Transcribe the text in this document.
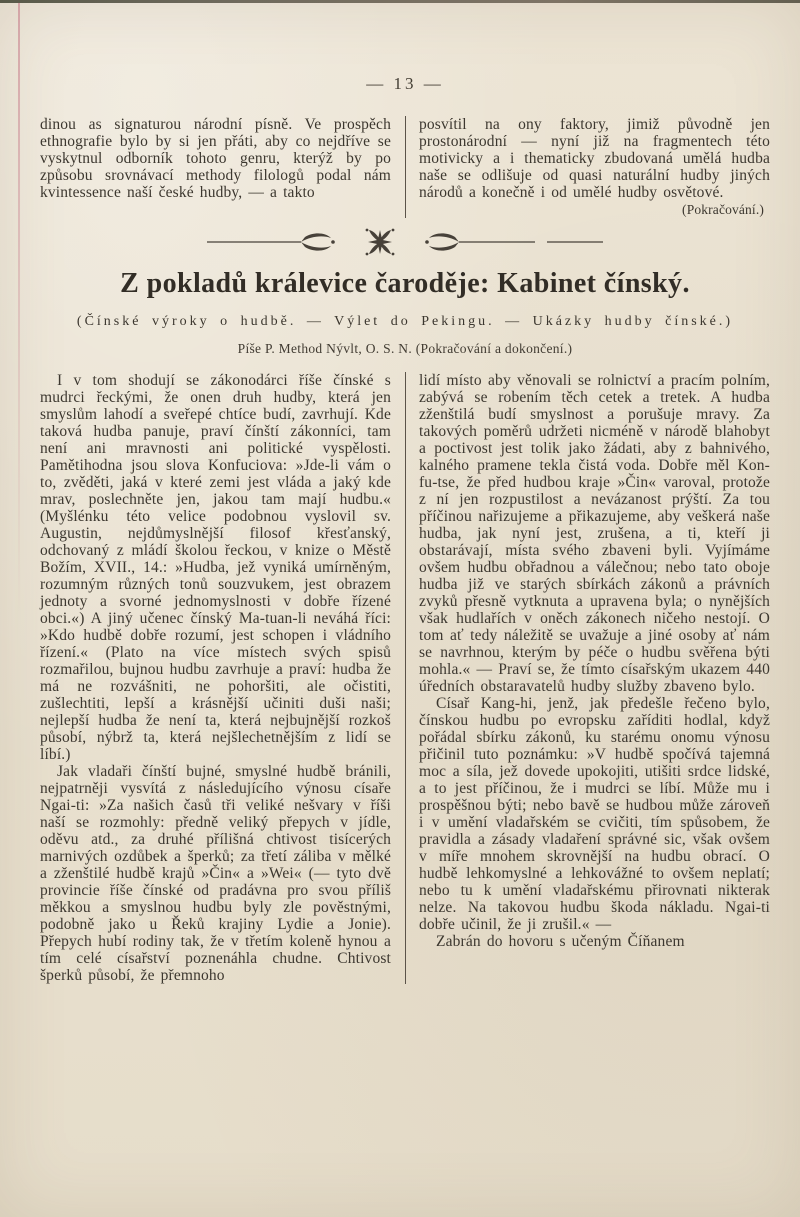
— 13 —

dinou as signaturou národní písně. Ve prospěch ethnografie bylo by si jen přáti, aby co nejdříve se vyskytnul odborník tohoto genru, kterýž by po způsobu srovnávací methody filologů podal nám kvintessence naší české hudby, — a takto

posvítil na ony faktory, jimiž původně jen prostonárodní — nyní již na fragmentech této motivicky a i thematicky zbudovaná umělá hudba naše se odlišuje od quasi naturální hudby jiných národů a konečně i od umělé hudby osvětové.

(Pokračování.)

Z pokladů králevice čaroděje: Kabinet čínský.
(Čínské výroky o hudbě. — Výlet do Pekingu. — Ukázky hudby čínské.)
Píše P. Method Nývlt, O. S. N. (Pokračování a dokončení.)

I v tom shodují se zákonodárci říše čínské s mudrci řeckými, že onen druh hudby, která jen smyslům lahodí a sveřepé chtíce budí, zavrhují. Kde taková hudba panuje, praví čínští zákonníci, tam není ani mravnosti ani politické vyspělosti. Pamětihodna jsou slova Konfuciova: »Jde-li vám o to, zvěděti, jaká v které zemi jest vláda a jaký kde mrav, poslechněte jen, jakou tam mají hudbu.« (Myšlénku této velice podobnou vyslovil sv. Augustin, nejdůmyslnější filosof křesťanský, odchovaný z mládí školou řeckou, v knize o Městě Božím, XVII., 14.: »Hudba, jež vyniká umírněným, rozumným různých tonů souzvukem, jest obrazem jednoty a svorné jednomyslnosti v dobře řízené obci.«) A jiný učenec čínský Ma-tuan-li neváhá říci: »Kdo hudbě dobře rozumí, jest schopen i vládního řízení.« (Plato na více místech svých spisů rozmařilou, bujnou hudbu zavrhuje a praví: hudba že má ne rozvášniti, ne pohoršiti, ale očistiti, zušlechtiti, lepší a krásnější učiniti duši naši; nejlepší hudba že není ta, která nejbujnější rozkoš působí, nýbrž ta, která nejšlechetnějším z lidí se líbí.)

Jak vladaři čínští bujné, smyslné hudbě bránili, nejpatrněji vysvítá z následujícího výnosu císaře Ngai-ti: »Za našich časů tři veliké nešvary v říši naší se rozmohly: předně veliký přepych v jídle, oděvu atd., za druhé přílišná chtivost tisícerých marnivých ozdůbek a šperků; za třetí záliba v mělké a zženštilé hudbě krajů »Čin« a »Wei« (— tyto dvě provincie říše čínské od pradávna pro svou příliš měkkou a smyslnou hudbu byly zle pověstnými, podobně jako u Řeků krajiny Lydie a Jonie). Přepych hubí rodiny tak, že v třetím koleně hynou a tím celé císařství poznenáhla chudne. Chtivost šperků působí, že přemnoho

lidí místo aby věnovali se rolnictví a pracím polním, zabývá se robením těch cetek a tretek. A hudba zženštilá budí smyslnost a porušuje mravy. Za takových poměrů udržeti nicméně v národě blahobyt a poctivost jest tolik jako žádati, aby z bahnivého, kalného pramene tekla čistá voda. Dobře měl Kon-fu-tse, že před hudbou kraje »Čin« varoval, protože z ní jen rozpustilost a nevázanost prýští. Za tou příčinou nařizujeme a přikazujeme, aby veškerá naše hudba, jak nyní jest, zrušena, a ti, kteří ji obstarávají, místa svého zbaveni byli. Vyjímáme ovšem hudbu obřadnou a válečnou; nebo tato oboje hudba již ve starých sbírkách zákonů a právních zvyků přesně vytknuta a upravena byla; o nynějších však hudlařích v oněch zákonech ničeho nestojí. O tom ať tedy náležitě se uvažuje a jiné osoby ať nám se navrhnou, kterým by péče o hudbu svěřena býti mohla.« — Praví se, že tímto císařským ukazem 440 úředních obstaravatelů hudby služby zbaveno bylo.

Císař Kang-hi, jenž, jak předešle řečeno bylo, čínskou hudbu po evropsku zaříditi hodlal, když pořádal sbírku zákonů, ku starému onomu výnosu přičinil tuto poznámku: »V hudbě spočívá tajemná moc a síla, jež dovede upokojiti, utišiti srdce lidské, a to jest příčinou, že i mudrci se líbí. Může mu i prospěšnou býti; nebo bavě se hudbou může zároveň i v umění vladařském se cvičiti, tím spůsobem, že pravidla a zásady vladaření správné sic, však ovšem v míře mnohem skrovnější na hudbu obrací. O hudbě lehkomyslné a lehkovážné to ovšem neplatí; nebo tu k umění vladařskému přirovnati nikterak nelze. Na takovou hudbu škoda nákladu. Ngai-ti dobře učinil, že ji zrušil.« —

Zabrán do hovoru s učeným Číňanem
